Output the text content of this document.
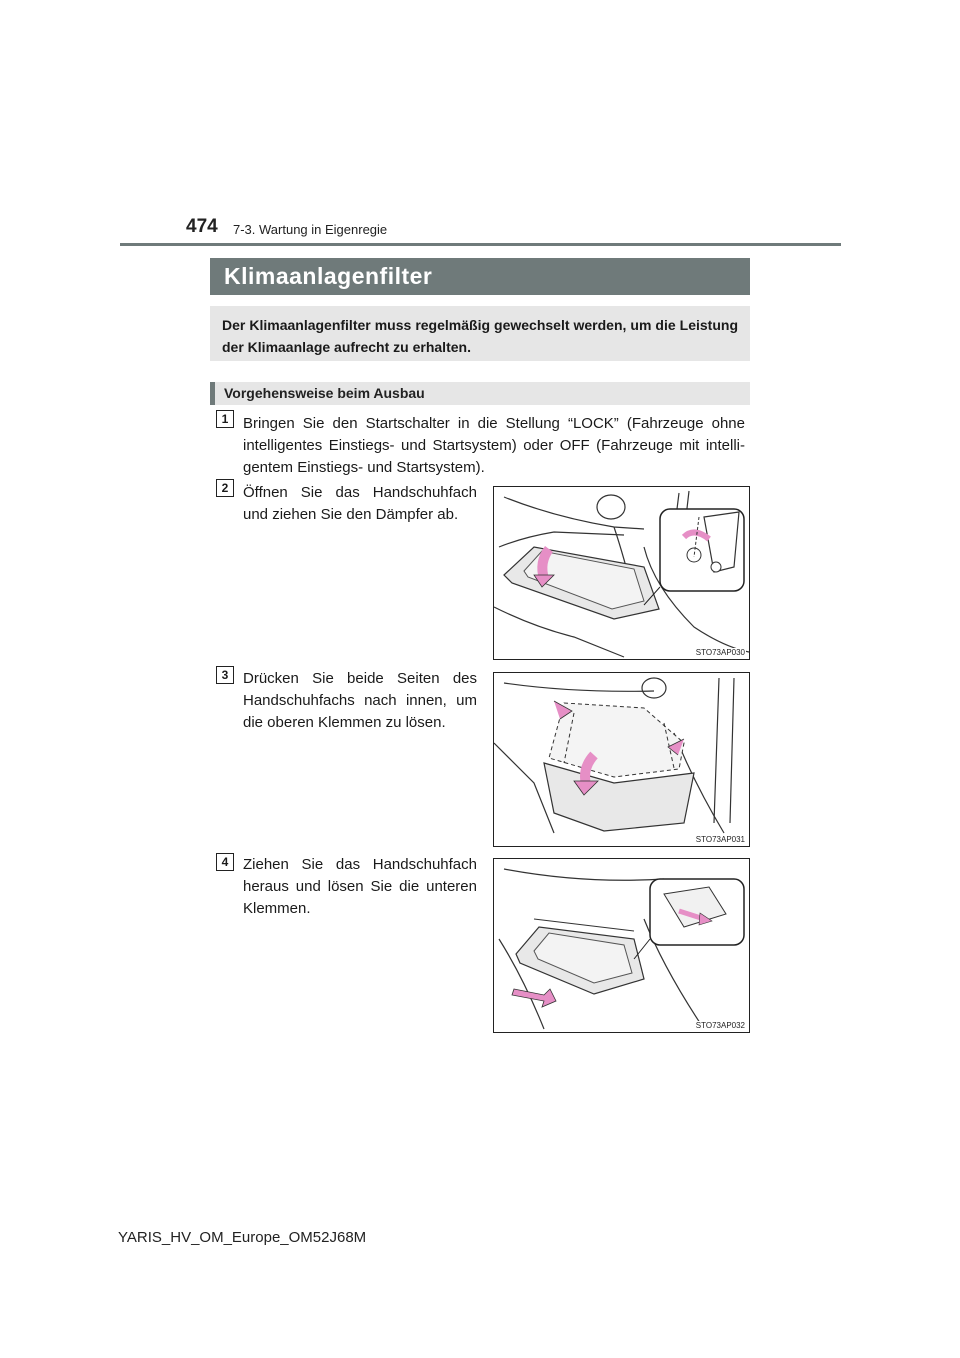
474 7-3. Wartung in Eigenregie
Klimaanlagenfilter
Der Klimaanlagenfilter muss regelmäßig gewechselt werden, um die Leistung der Klimaanlage aufrecht zu erhalten.
Vorgehensweise beim Ausbau
1 Bringen Sie den Startschalter in die Stellung “LOCK” (Fahrzeuge ohne intelligentes Einstiegs- und Startsystem) oder OFF (Fahrzeuge mit intelli- gentem Einstiegs- und Startsystem).
2 Öffnen Sie das Handschuhfach und ziehen Sie den Dämpfer ab.
STO73AP030
3 Drücken Sie beide Seiten des Handschuhfachs nach innen, um die oberen Klemmen zu lösen.
STO73AP031
4 Ziehen Sie das Handschuhfach heraus und lösen Sie die unteren Klemmen.
STO73AP032
YARIS_HV_OM_Europe_OM52J68M
